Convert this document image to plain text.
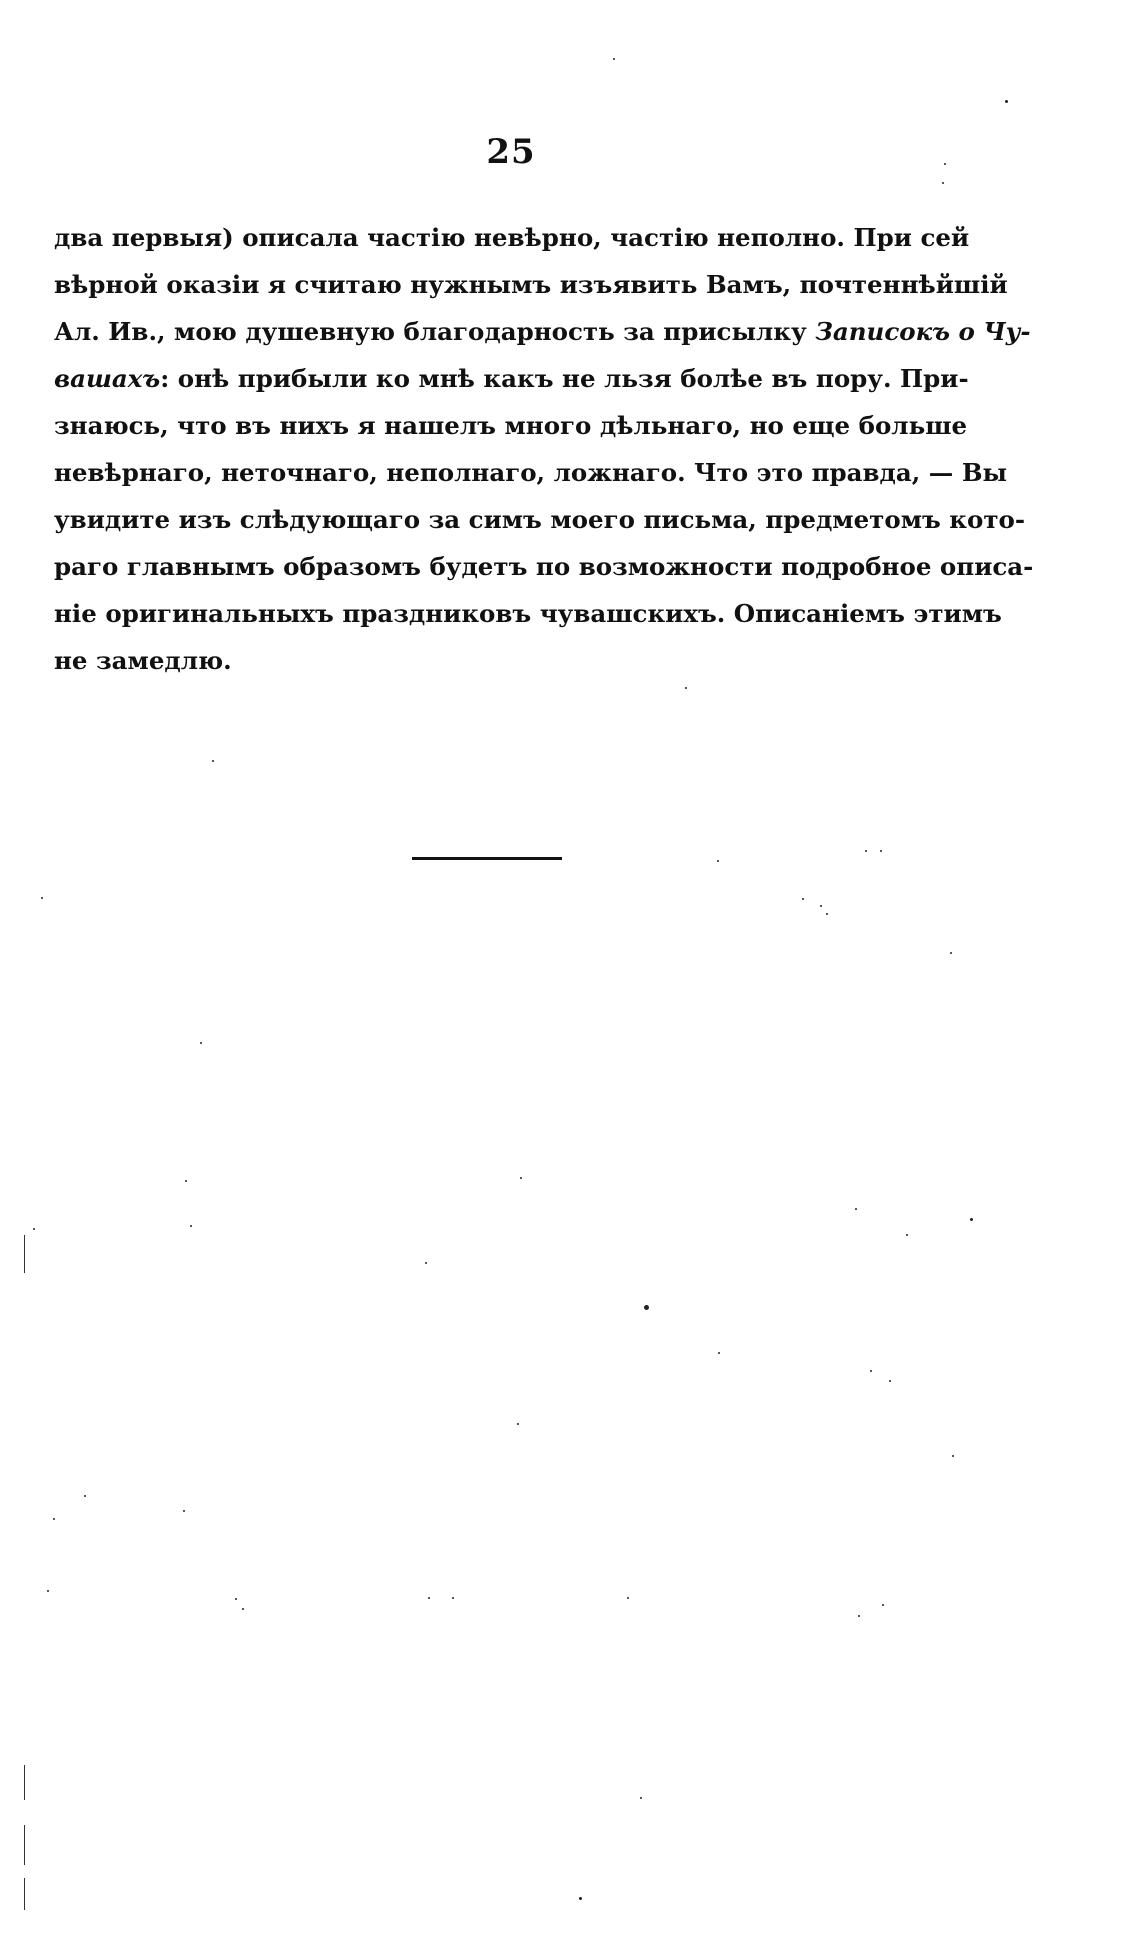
25
два первыя) описала частію невѣрно, частію неполно. При сей
вѣрной оказіи я считаю нужнымъ изъявить Вамъ, почтеннѣйшій
Ал. Ив., мою душевную благодарность за присылку Записокъ о Чу-
вашахъ: онѣ прибыли ко мнѣ какъ не льзя болѣе въ пору. При-
знаюсь, что въ нихъ я нашелъ много дѣльнаго, но еще больше
невѣрнаго, неточнаго, неполнаго, ложнаго. Что это правда, — Вы
увидите изъ слѣдующаго за симъ моего письма, предметомъ кото-
раго главнымъ образомъ будетъ по возможности подробное описа-
ніе оригинальныхъ праздниковъ чувашскихъ. Описаніемъ этимъ
не замедлю.
